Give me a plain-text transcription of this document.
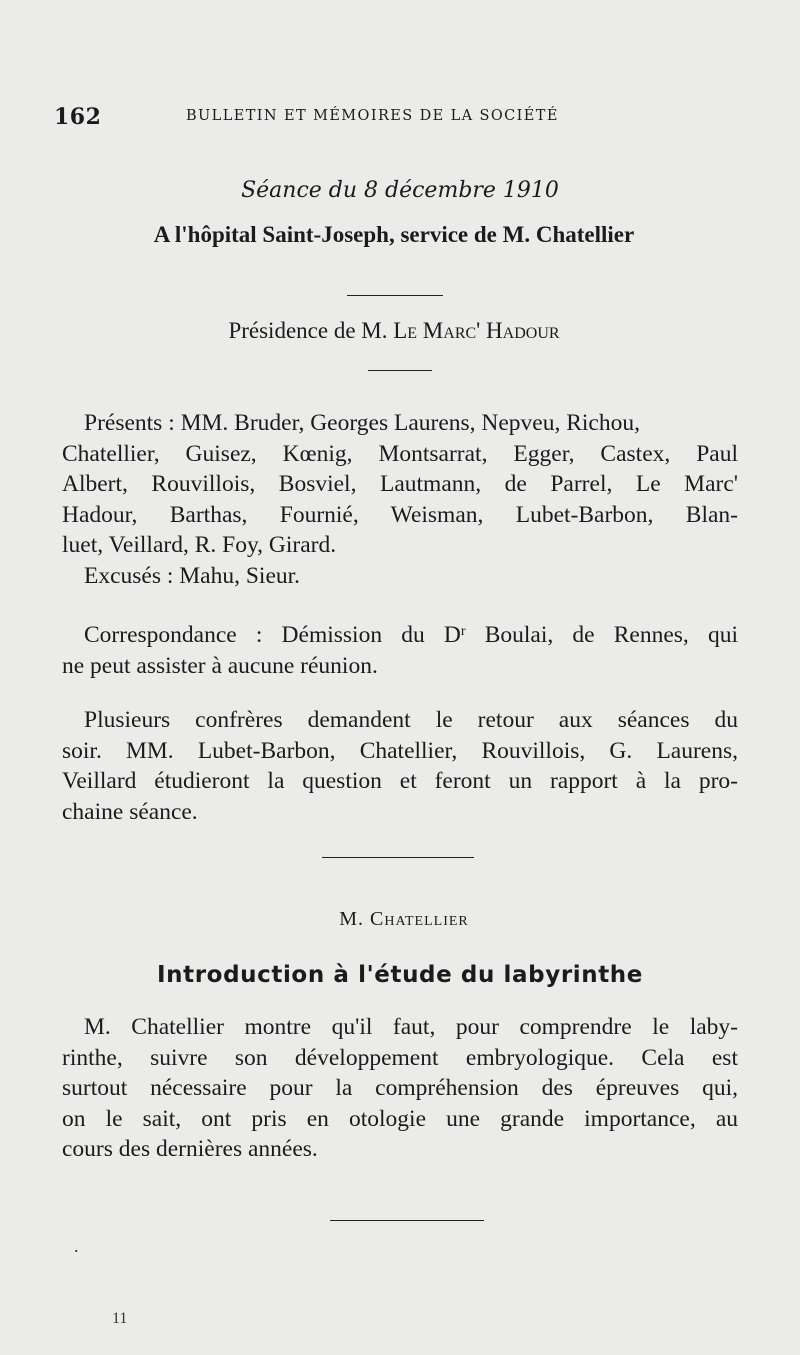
162	BULLETIN ET MÉMOIRES DE LA SOCIÉTÉ
Séance du 8 décembre 1910
A l'hôpital Saint-Joseph, service de M. Chatellier
Présidence de M. Le Marc' Hadour

Présents : MM. Bruder, Georges Laurens, Nepveu, Richou,

Chatellier, Guisez, Kœnig, Montsarrat, Egger, Castex, Paul

Albert, Rouvillois, Bosviel, Lautmann, de Parrel, Le Marc'

Hadour, Barthas, Fournié, Weisman, Lubet-Barbon, Blan-

luet, Veillard, R. Foy, Girard.

Excusés : Mahu, Sieur.

Correspondance : Démission du $D^r$ Boulai, de Rennes, qui

ne peut assister à aucune réunion.

Plusieurs confrères demandent le retour aux séances du

soir. MM. Lubet-Barbon, Chatellier, Rouvillois, G. Laurens,

Veillard étudieront la question et feront un rapport à la pro-

chaine séance.

M. Chatellier
Introduction à l'étude du labyrinthe

M. Chatellier montre qu'il faut, pour comprendre le laby-

rinthe, suivre son développement embryologique. Cela est

surtout nécessaire pour la compréhension des épreuves qui,

on le sait, ont pris en otologie une grande importance, au

cours des dernières années.

.
11
